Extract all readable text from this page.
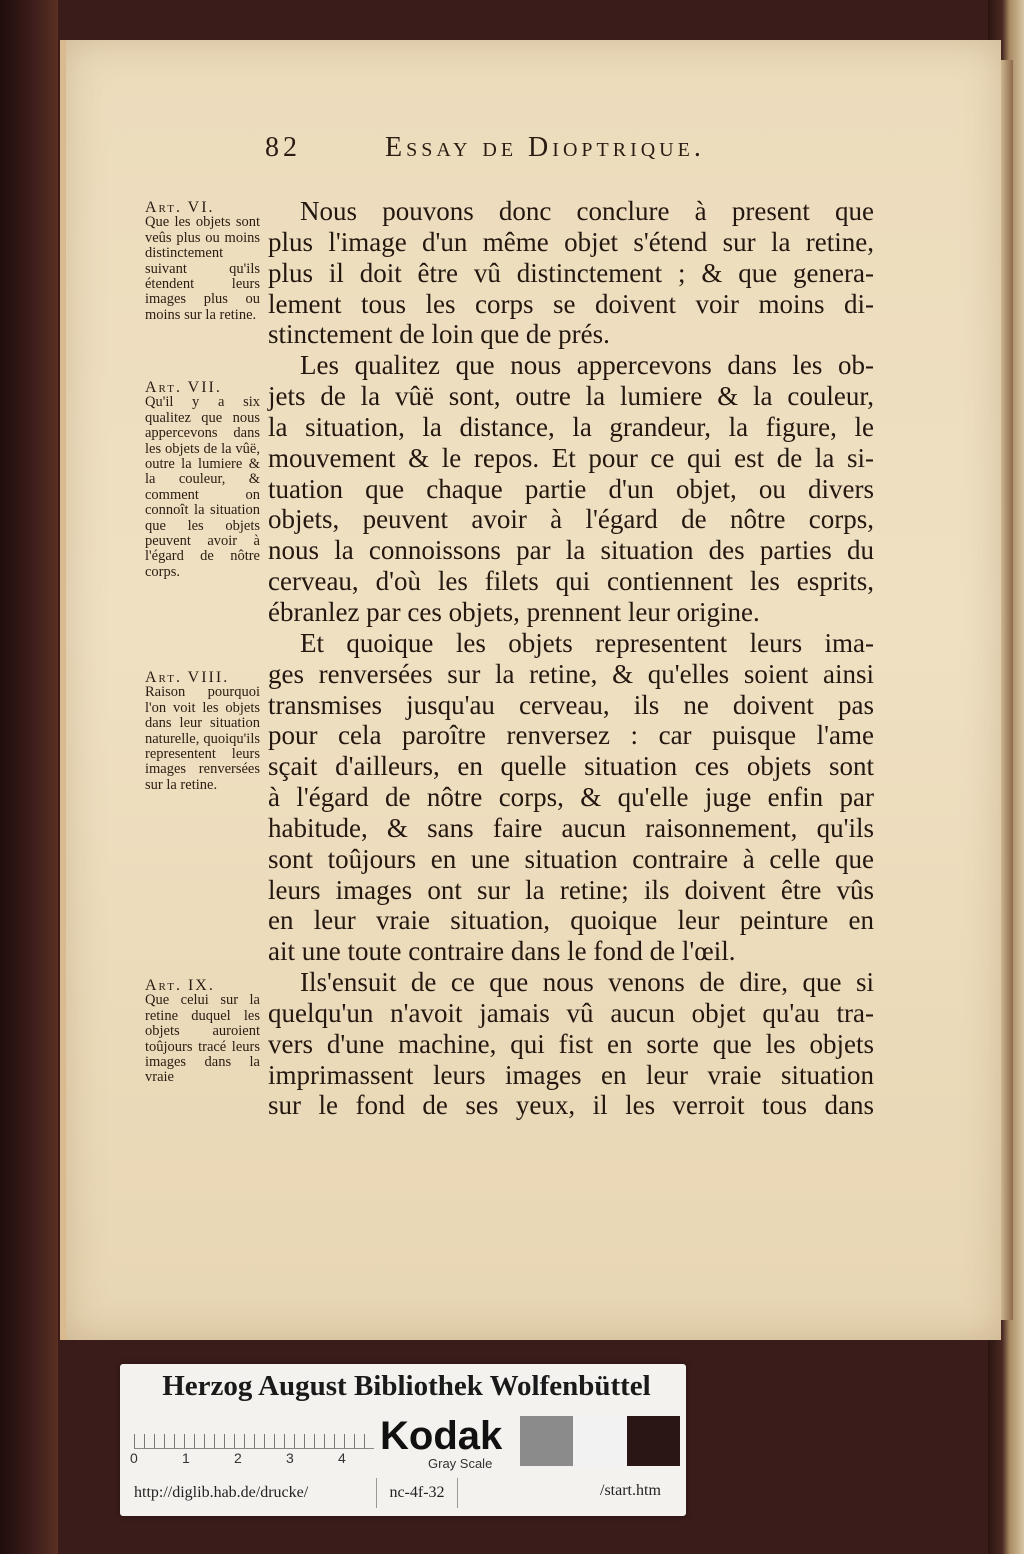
82	Essay de Dioptrique.
Art. VI.
Que les objets sont veûs plus ou moins distinctement suivant qu'ils étendent leurs images plus ou moins sur la retine.
Art. VII.
Qu'il y a six qualitez que nous appercevons dans les objets de la vûë, outre la lumiere & la couleur, & comment on connoît la situation que les objets peuvent avoir à l'égard de nôtre corps.
Art. VIII.
Raison pourquoi l'on voit les objets dans leur situation naturelle, quoiqu'ils representent leurs images renversées sur la retine.
Art. IX.
Que celui sur la retine duquel les objets auroient toûjours tracé leurs images dans la vraie

Nous pouvons donc conclure à present que
plus l'image d'un même objet s'étend sur la retine,
plus il doit être vû distinctement ; & que genera-
lement tous les corps se doivent voir moins di-
stinctement de loin que de prés.

Les qualitez que nous appercevons dans les ob-
jets de la vûë sont, outre la lumiere & la couleur,
la situation, la distance, la grandeur, la figure, le
mouvement & le repos. Et pour ce qui est de la si-
tuation que chaque partie d'un objet, ou divers
objets, peuvent avoir à l'égard de nôtre corps,
nous la connoissons par la situation des parties du
cerveau, d'où les filets qui contiennent les esprits,
ébranlez par ces objets, prennent leur origine.

Et quoique les objets representent leurs ima-
ges renversées sur la retine, & qu'elles soient ainsi
transmises jusqu'au cerveau, ils ne doivent pas
pour cela paroître renversez : car puisque l'ame
sçait d'ailleurs, en quelle situation ces objets sont
à l'égard de nôtre corps, & qu'elle juge enfin par
habitude, & sans faire aucun raisonnement, qu'ils
sont toûjours en une situation contraire à celle que
leurs images ont sur la retine; ils doivent être vûs
en leur vraie situation, quoique leur peinture en
ait une toute contraire dans le fond de l'œil.

Ils'ensuit de ce que nous venons de dire, que si
quelqu'un n'avoit jamais vû aucun objet qu'au tra-
vers d'une machine, qui fist en sorte que les objets
imprimassent leurs images en leur vraie situation
sur le fond de ses yeux, il les verroit tous dans

Herzog August Bibliothek Wolfenbüttel
0	1	2	3	4 Kodak
Gray Scale
http://diglib.hab.de/drucke/	nc-4f-32	/start.htm
